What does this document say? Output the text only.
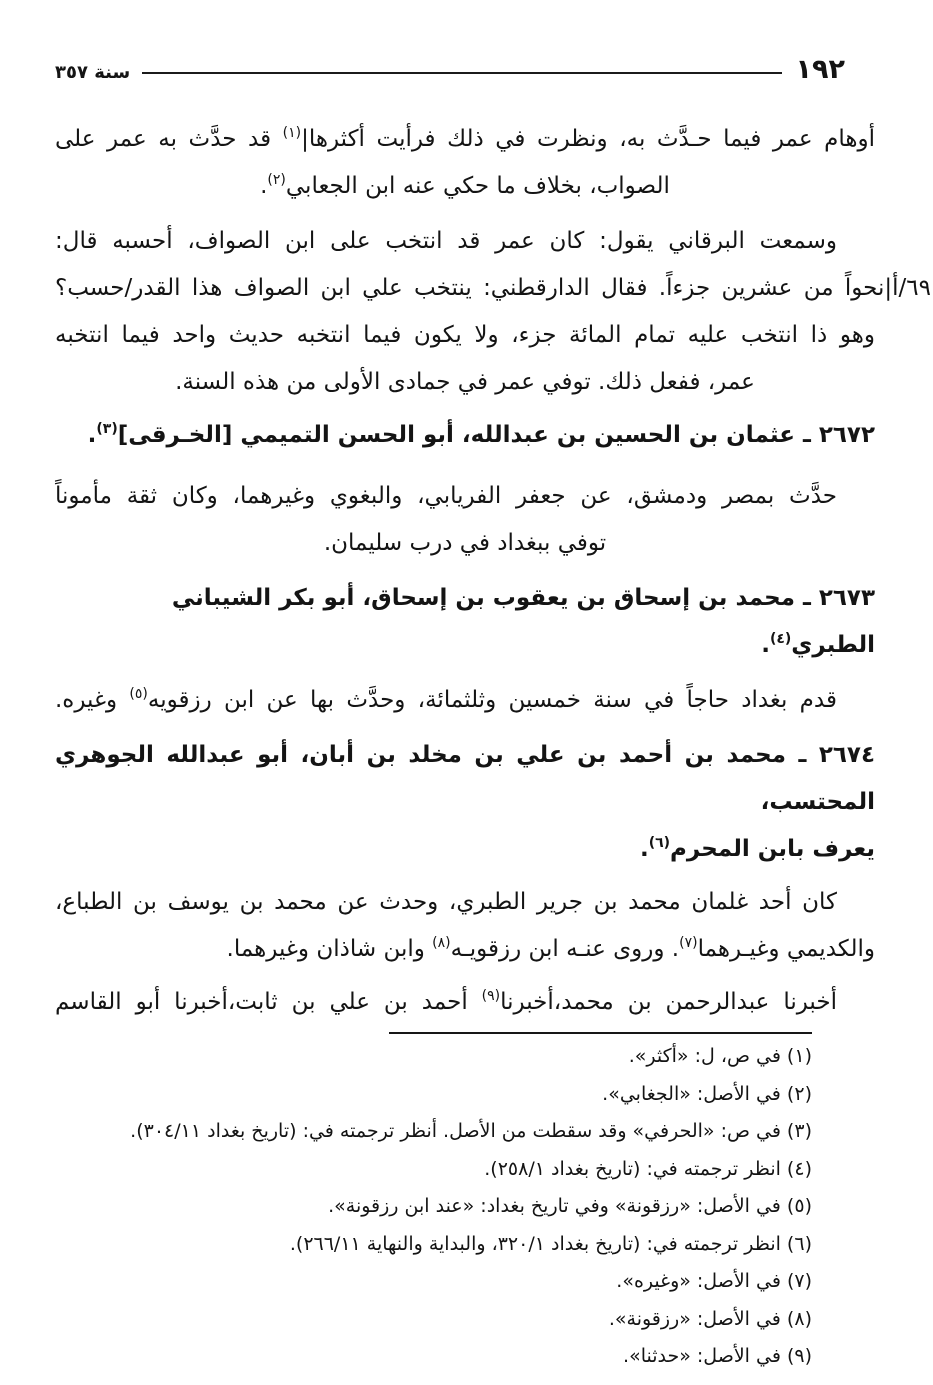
١٩٢
سنة ٣٥٧
أوهام عمر فيما حـدَّث به، ونظرت في ذلك فرأيت $أكثرها|^{(١)}$ قد حدَّث به عمر على
الصواب، بخلاف ما حكي عنه ابن الجعابي$^{(٢)}$.
وسمعت البرقاني يقول: كان عمر قد انتخب على ابن الصواف، أحسبه قال:
٦٩/أ|نحواً من عشرين جزءاً. فقال الدارقطني: ينتخب علي ابن الصواف هذا القدر/حسب؟
وهو ذا انتخب عليه تمام المائة جزء، ولا يكون فيما انتخبه حديث واحد فيما انتخبه
عمر، ففعل ذلك. توفي عمر في جمادى الأولى من هذه السنة.
٢٦٧٢ ـ عثمان بن الحسين بن عبدالله، أبو الحسن التميمي [الخـرقى]$^{(٣)}$.
حدَّث بمصر ودمشق، عن جعفر الفريابي، والبغوي وغيرهما، وكان ثقة مأموناً
توفي ببغداد في درب سليمان.
٢٦٧٣ ـ محمد بن إسحاق بن يعقوب بن إسحاق، أبو بكر الشيباني الطبري$^{(٤)}$.
قدم بغداد حاجاً في سنة خمسين وثلثمائة، وحدَّث بها عن ابن رزقويه$^{(٥)}$ وغيره.
٢٦٧٤ ـ محمد بن أحمد بن علي بن مخلد بن أبان، أبو عبدالله الجوهري المحتسب،
يعرف بابن المحرم$^{(٦)}$.
كان أحد غلمان محمد بن جرير الطبري، وحدث عن محمد بن يوسف بن الطباع،
والكديمي وغيـرهما$^{(٧)}$. وروى عنـه ابن رزقويـه$^{(٨)}$ وابن شاذان وغيرهما.
أخبرنا عبدالرحمن بن محمد،أخبرنا$^{(٩)}$ أحمد بن علي بن ثابت،أخبرنا أبو القاسم
(١) في ص، ل: «أكثر».
(٢) في الأصل: «الجغابي».
(٣) في ص: «الحرفي» وقد سقطت من الأصل. أنظر ترجمته في: (تاريخ بغداد ٣٠٤/١١).
(٤) انظر ترجمته في: (تاريخ بغداد ٢٥٨/١).
(٥) في الأصل: «رزقونة» وفي تاريخ بغداد: «عند ابن رزقونة».
(٦) انظر ترجمته في: (تاريخ بغداد ٣٢٠/١، والبداية والنهاية ٢٦٦/١١).
(٧) في الأصل: «وغيره».
(٨) في الأصل: «رزقونة».
(٩) في الأصل: «حدثنا».
